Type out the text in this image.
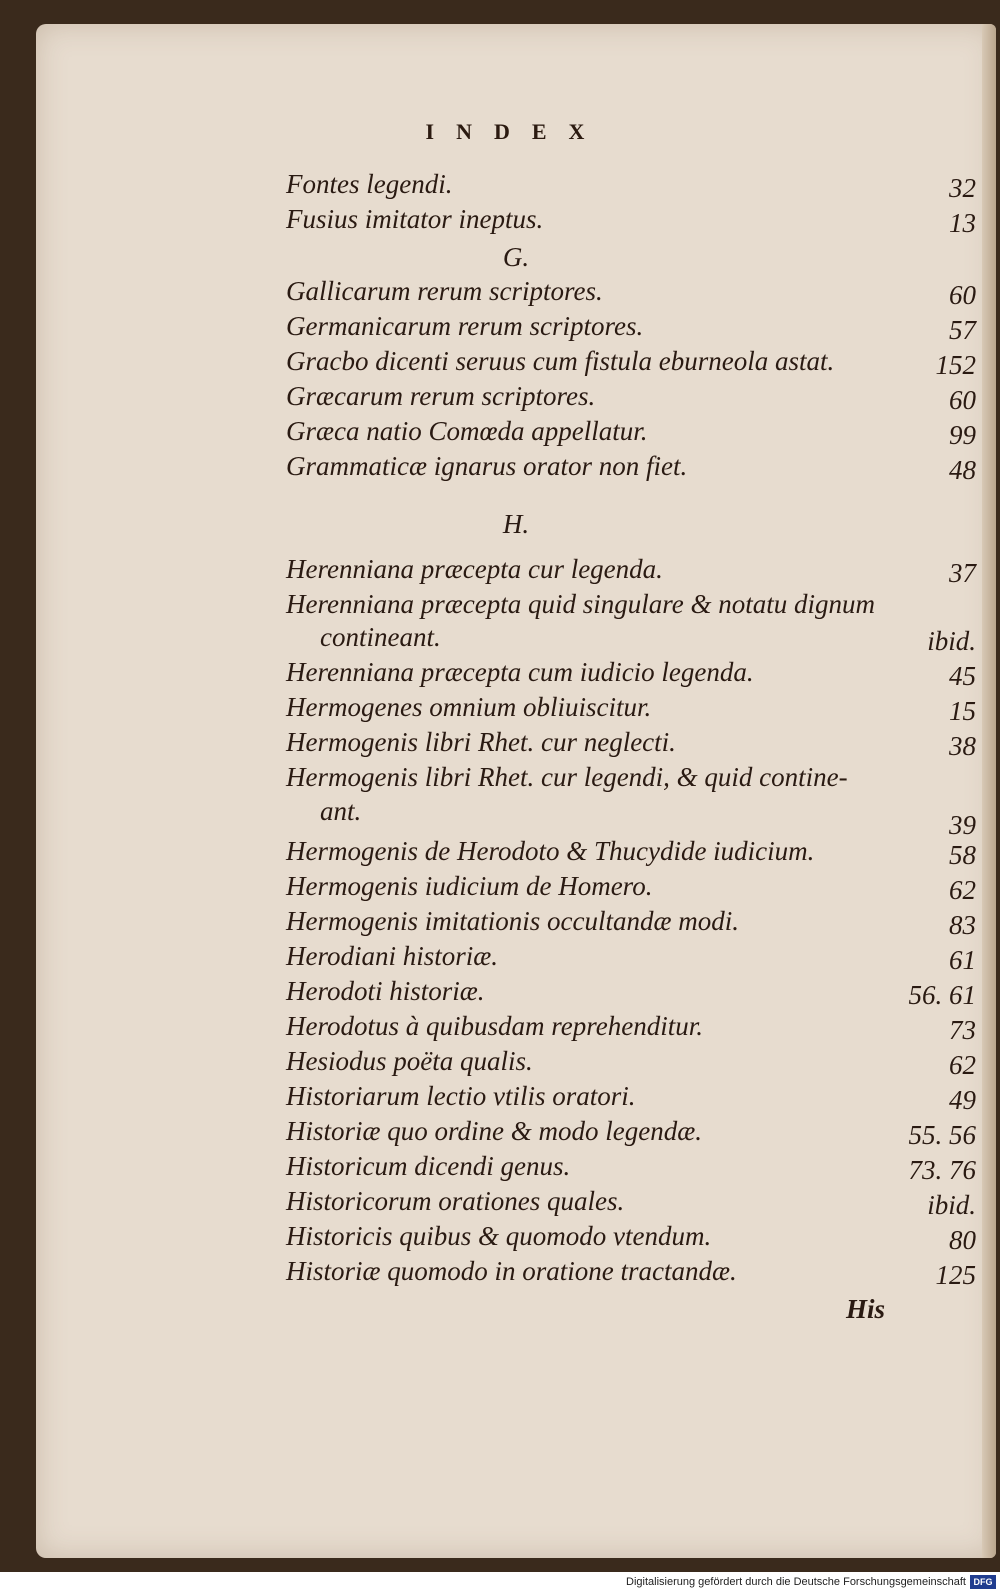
INDEX
Fontes legendi.	32
Fusius imitator ineptus.	13
G.
Gallicarum rerum scriptores.	60
Germanicarum rerum scriptores.	57
Gracbo dicenti seruus cum fistula eburneola astat.	152
Græcarum rerum scriptores.	60
Græca natio Comœda appellatur.	99
Grammaticæ ignarus orator non fiet.	48
H.
Herenniana præcepta cur legenda.	37
Herenniana præcepta quid singulare & notatu dignum
contineant.	ibid.
Herenniana præcepta cum iudicio legenda.	45
Hermogenes omnium obliuiscitur.	15
Hermogenis libri Rhet. cur neglecti.	38
Hermogenis libri Rhet. cur legendi, & quid contine-
ant.	39
Hermogenis de Herodoto & Thucydide iudicium.	58
Hermogenis iudicium de Homero.	62
Hermogenis imitationis occultandæ modi.	83
Herodiani historiæ.	61
Herodoti historiæ.	56. 61
Herodotus à quibusdam reprehenditur.	73
Hesiodus poëta qualis.	62
Historiarum lectio vtilis oratori.	49
Historiæ quo ordine & modo legendæ.	55. 56
Historicum dicendi genus.	73. 76
Historicorum orationes quales.	ibid.
Historicis quibus & quomodo vtendum.	80
Historiæ quomodo in oratione tractandæ.	125
His
Digitalisierung gefördert durch die Deutsche Forschungsgemeinschaft DFG
